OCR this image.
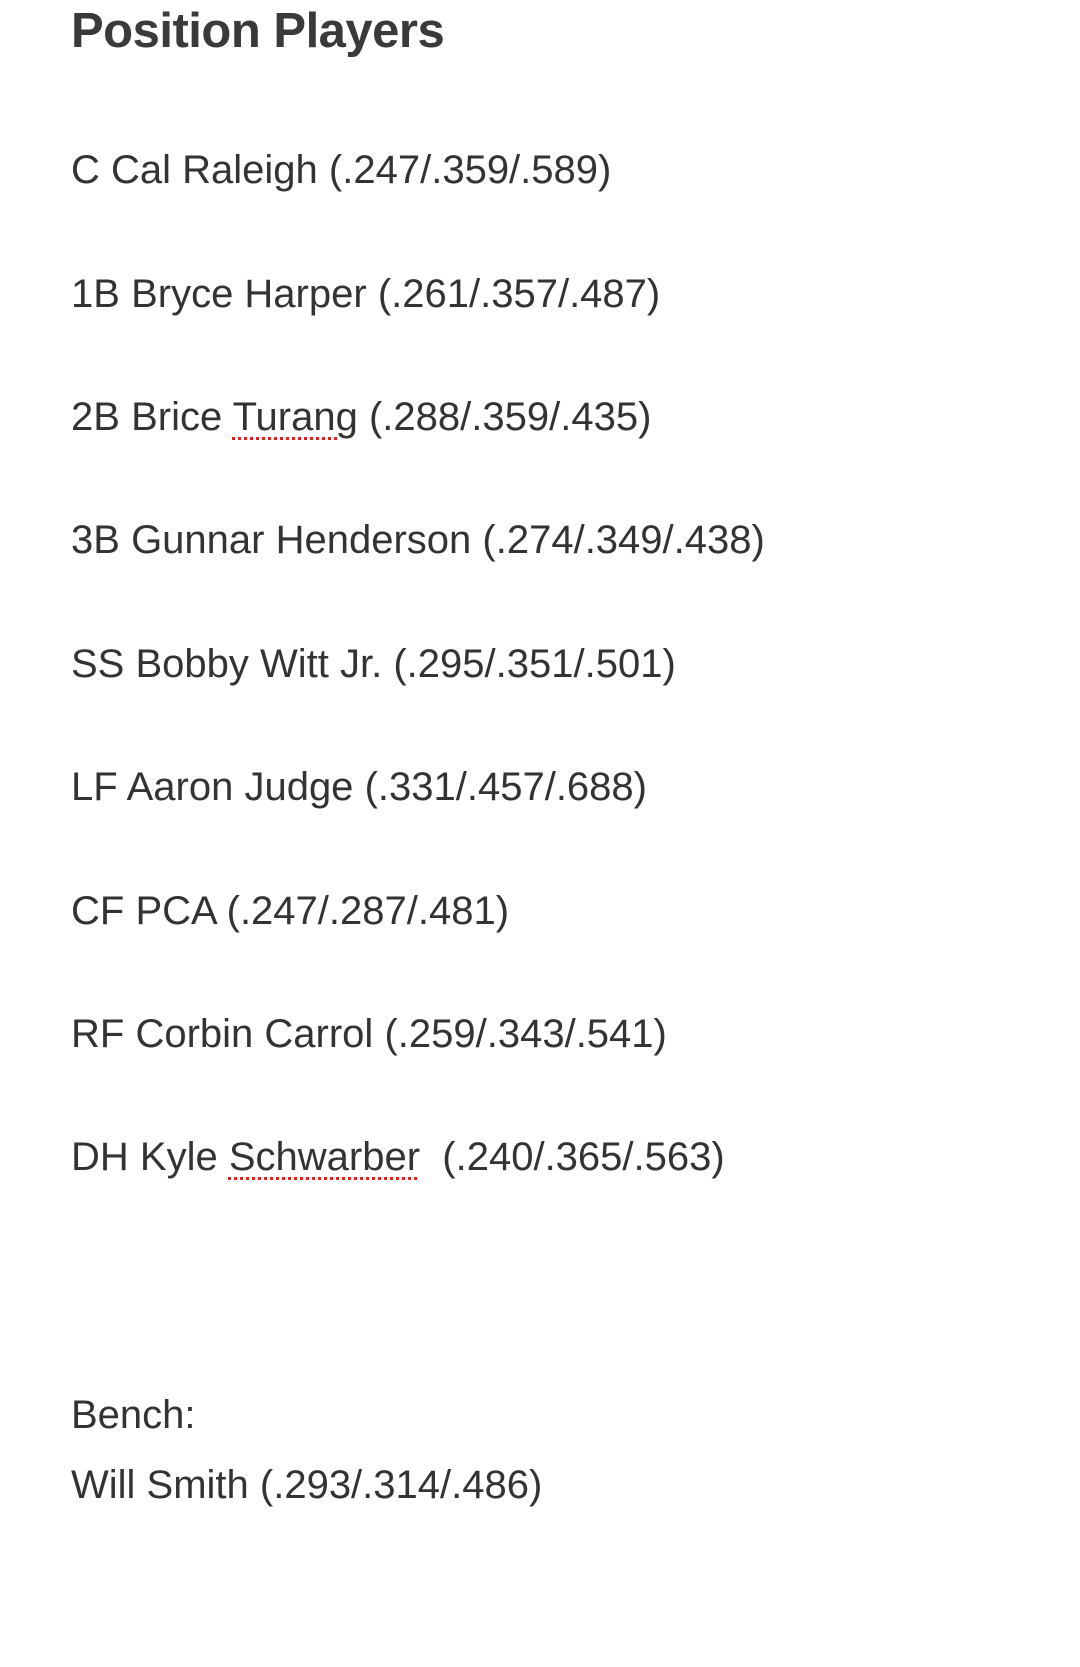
Position Players
C Cal Raleigh (.247/.359/.589)
1B Bryce Harper (.261/.357/.487)
2B Brice Turang (.288/.359/.435)
3B Gunnar Henderson (.274/.349/.438)
SS Bobby Witt Jr. (.295/.351/.501)
LF Aaron Judge (.331/.457/.688)
CF PCA (.247/.287/.481)
RF Corbin Carrol (.259/.343/.541)
DH Kyle Schwarber (.240/.365/.563)
Bench:
Will Smith (.293/.314/.486)
